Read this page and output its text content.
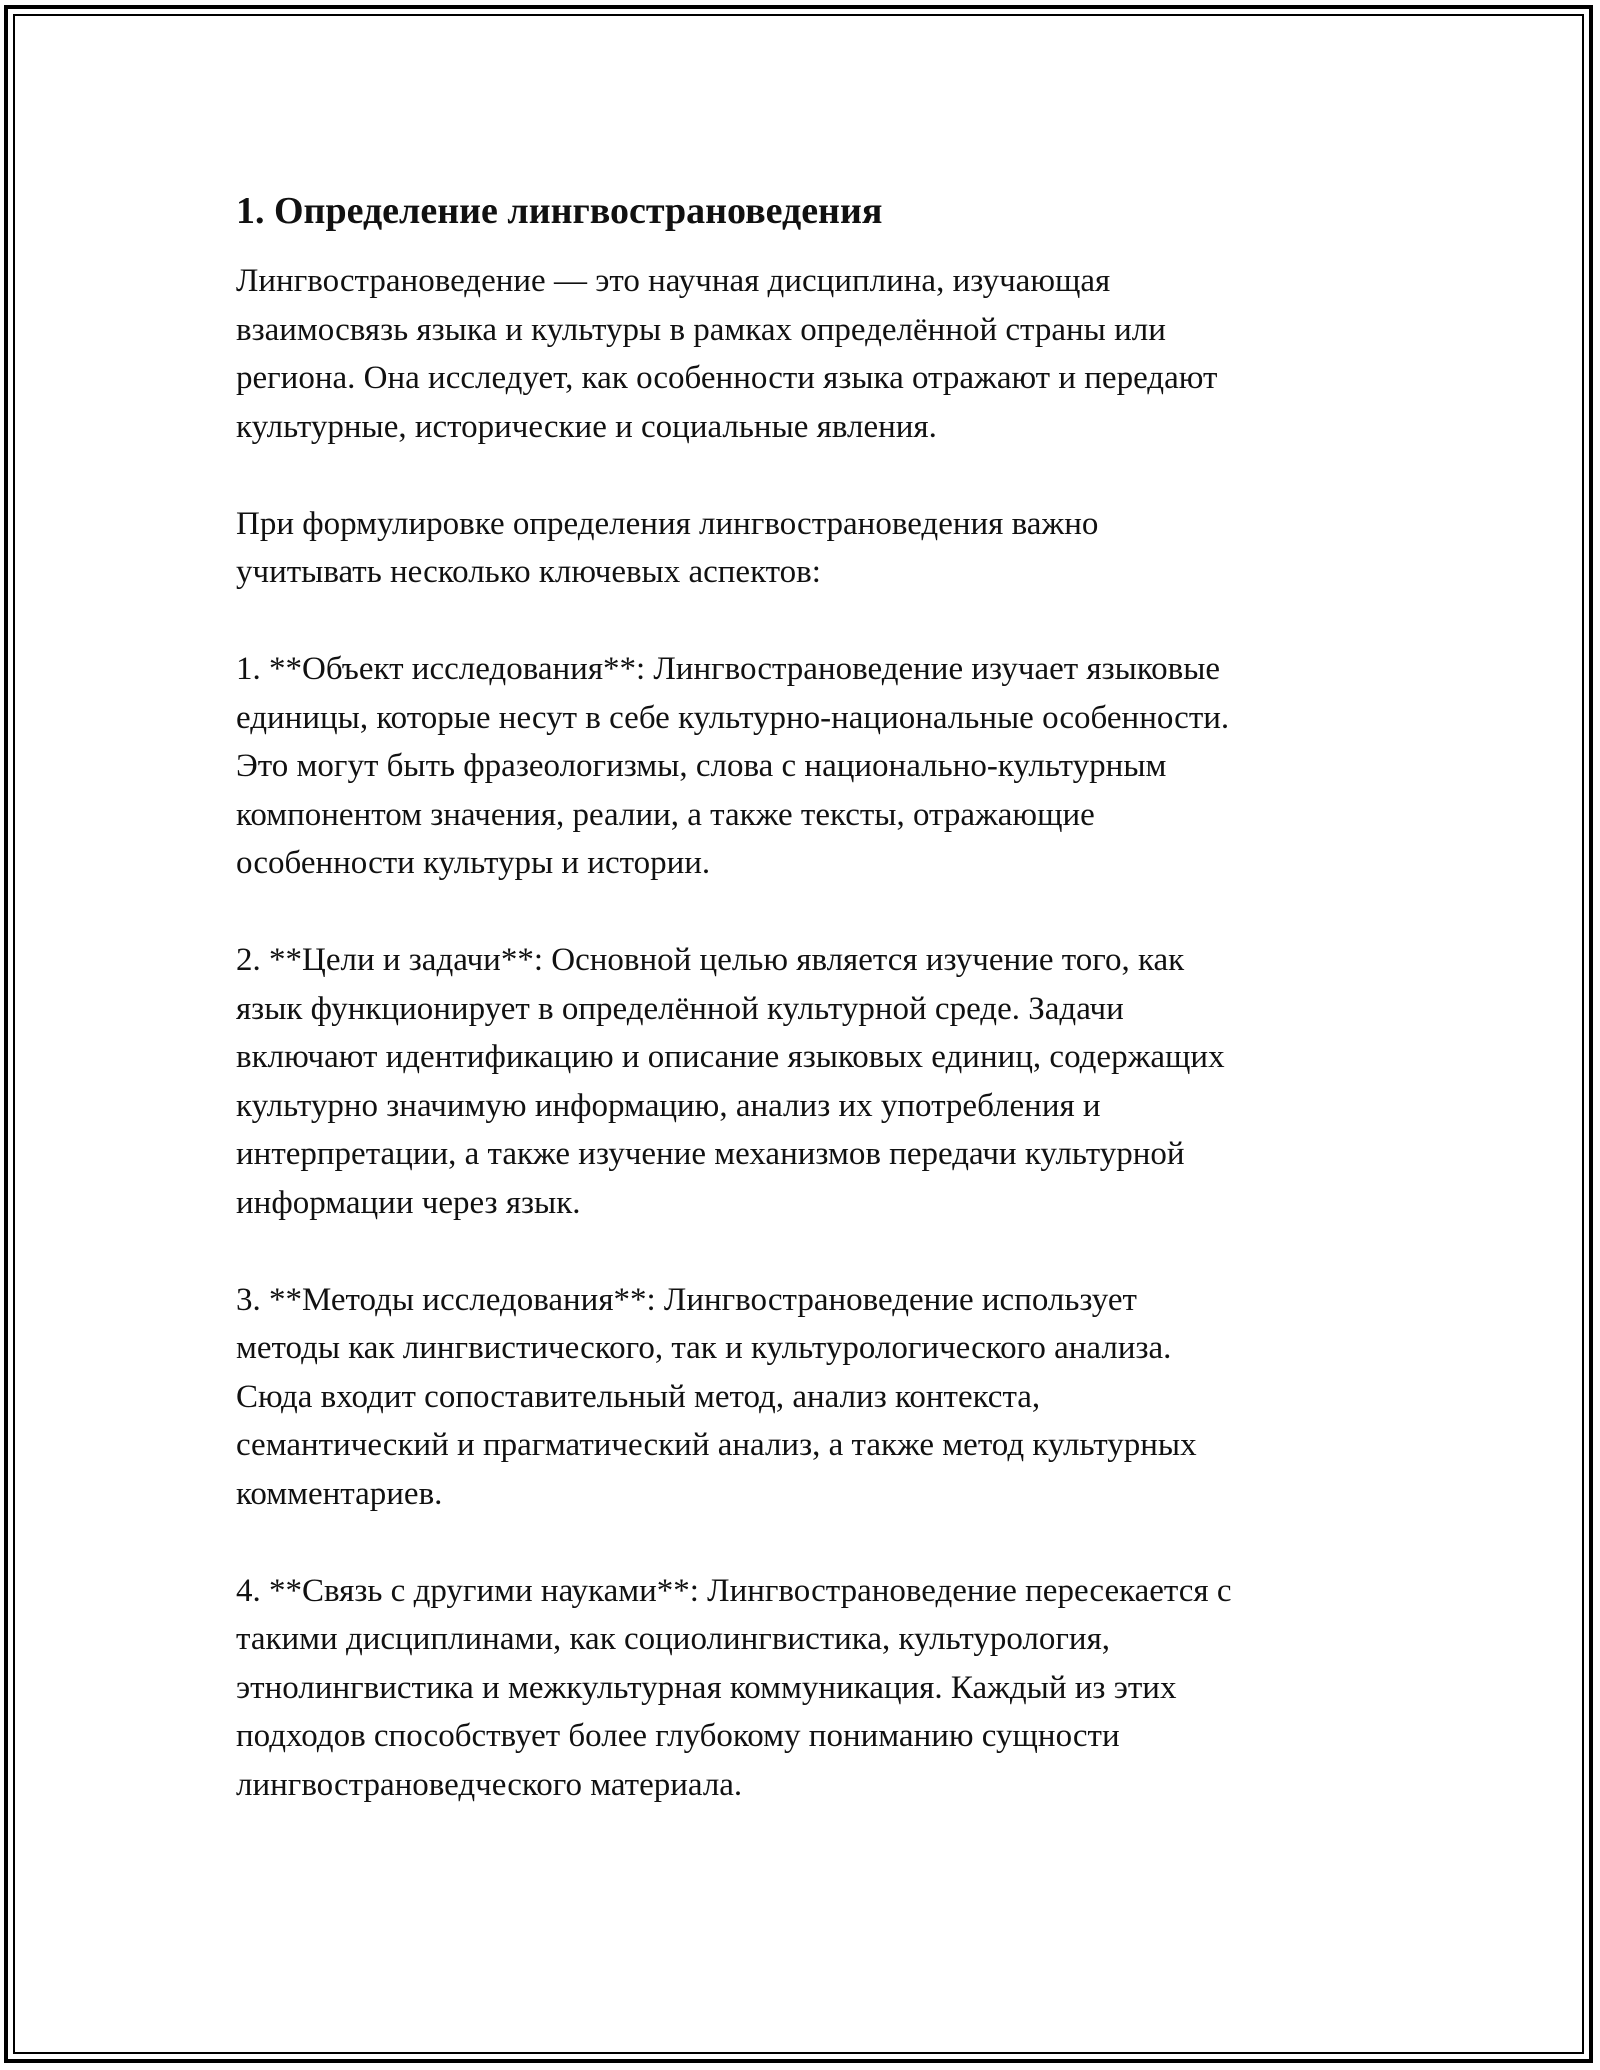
1. Определение лингвострановедения

Лингвострановедение — это научная дисциплина, изучающая
взаимосвязь языка и культуры в рамках определённой страны или
региона. Она исследует, как особенности языка отражают и передают
культурные, исторические и социальные явления.

При формулировке определения лингвострановедения важно
учитывать несколько ключевых аспектов:

1. **Объект исследования**: Лингвострановедение изучает языковые
единицы, которые несут в себе культурно-национальные особенности.
Это могут быть фразеологизмы, слова с национально-культурным
компонентом значения, реалии, а также тексты, отражающие
особенности культуры и истории.

2. **Цели и задачи**: Основной целью является изучение того, как
язык функционирует в определённой культурной среде. Задачи
включают идентификацию и описание языковых единиц, содержащих
культурно значимую информацию, анализ их употребления и
интерпретации, а также изучение механизмов передачи культурной
информации через язык.

3. **Методы исследования**: Лингвострановедение использует
методы как лингвистического, так и культурологического анализа.
Сюда входит сопоставительный метод, анализ контекста,
семантический и прагматический анализ, а также метод культурных
комментариев.

4. **Связь с другими науками**: Лингвострановедение пересекается с
такими дисциплинами, как социолингвистика, культурология,
этнолингвистика и межкультурная коммуникация. Каждый из этих
подходов способствует более глубокому пониманию сущности
лингвострановедческого материала.
